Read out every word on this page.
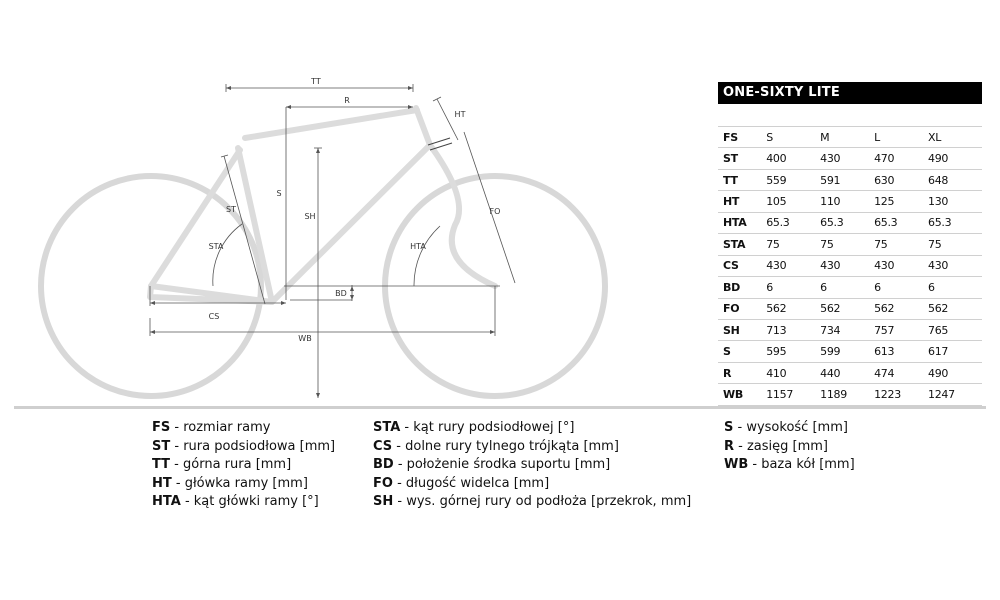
TT
R
HT
ST
S
SH
STA
FO
HTA
BD
CS
WB
ONE-SIXTY LITE

FS	S	M	L	XL
ST	400	430	470	490
TT	559	591	630	648
HT	105	110	125	130
HTA	65.3	65.3	65.3	65.3
STA	75	75	75	75
CS	430	430	430	430
BD	6	6	6	6
FO	562	562	562	562
SH	713	734	757	765
S	595	599	613	617
R	410	440	474	490
WB	1157	1189	1223	1247
FS - rozmiar ramy
ST - rura podsiodłowa [mm]
TT - górna rura [mm]
HT - główka ramy [mm]
HTA - kąt główki ramy [°]
STA - kąt rury podsiodłowej [°]
CS - dolne rury tylnego trójkąta [mm]
BD - położenie środka suportu [mm]
FO - długość widelca [mm]
SH - wys. górnej rury od podłoża [przekrok, mm]
S - wysokość [mm]
R - zasięg [mm]
WB - baza kół [mm]
